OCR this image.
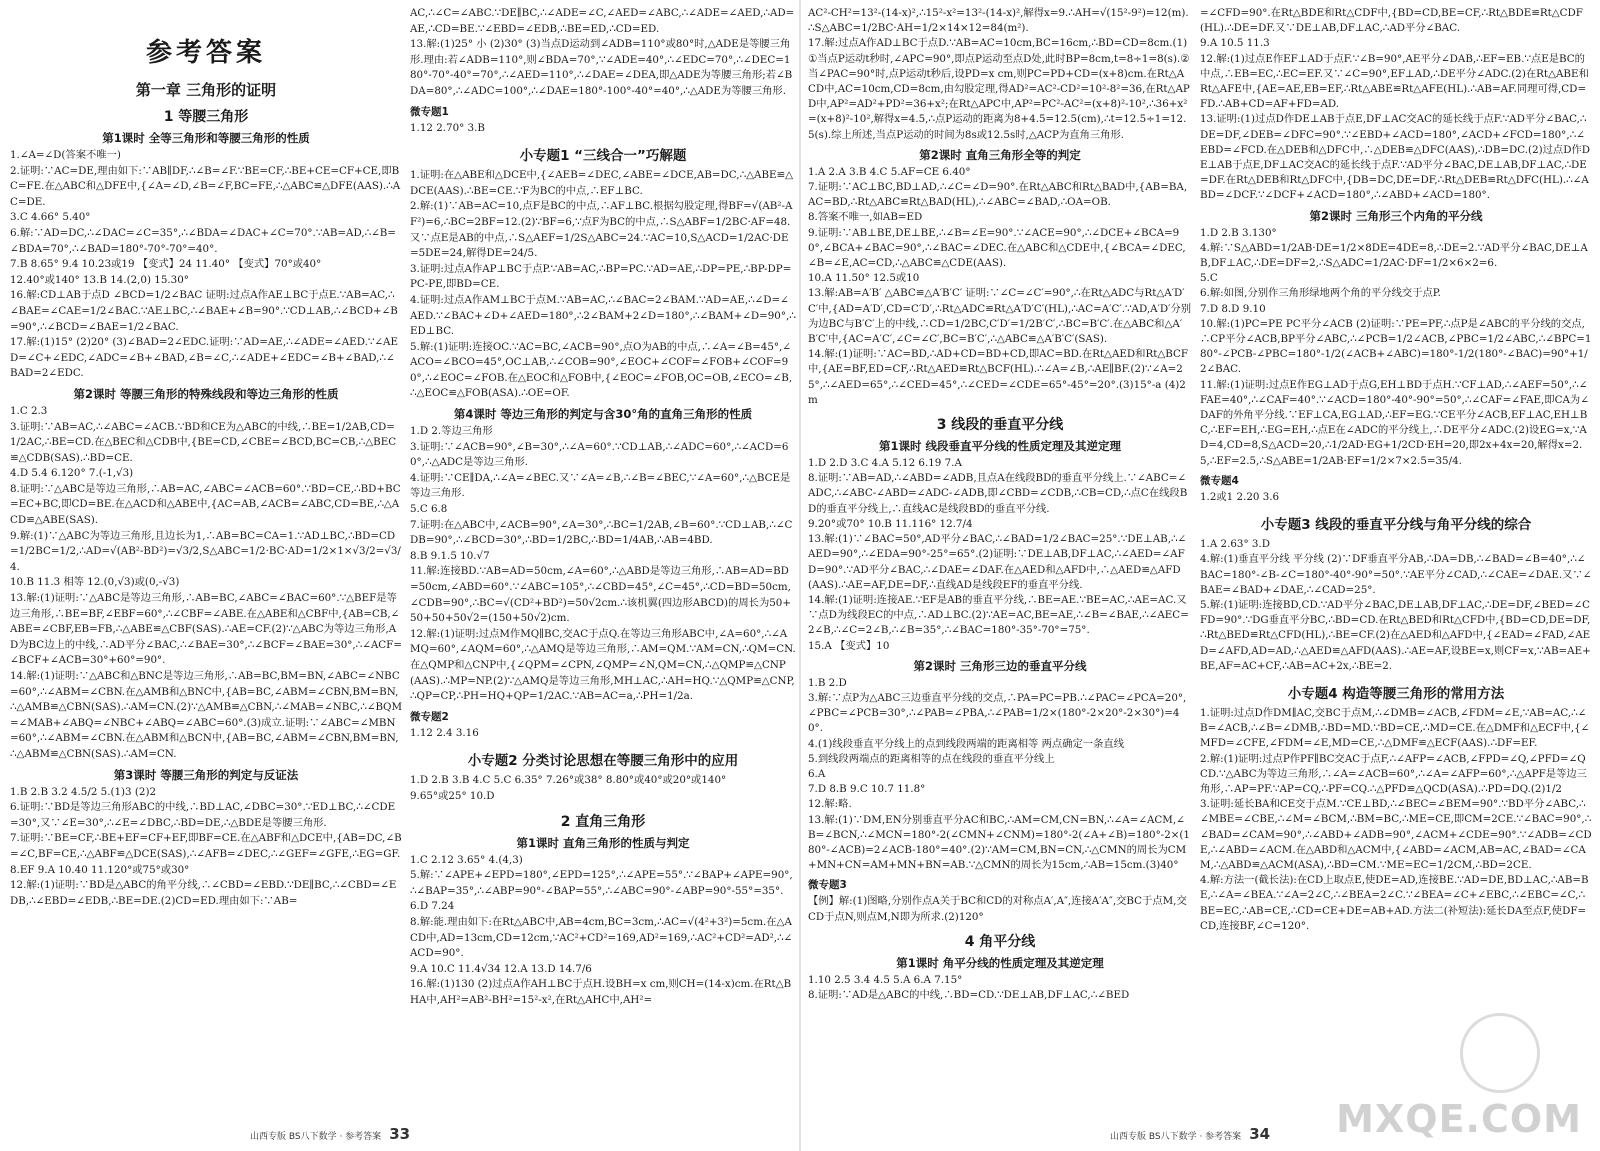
参考答案
第一章 三角形的证明
1 等腰三角形
第1课时 全等三角形和等腰三角形的性质

1.∠A=∠D(答案不唯一)

2.证明:∵AC=DE,理由如下:∵AB∥DF,∴∠B=∠F.∵BE=CF,∴BE+CE=CF+CE,即BC=FE.在△ABC和△DFE中,{∠A=∠D,∠B=∠F,BC=FE,∴△ABC≌△DFE(AAS).∴AC=DE.

3.C 4.66° 5.40°

6.解:∵AD=DC,∴∠DAC=∠C=35°,∴∠BDA=∠DAC+∠C=70°.∵AB=AD,∴∠B=∠BDA=70°,∴∠BAD=180°-70°-70°=40°.

7.B 8.65° 9.4 10.23或19 【变式】24 11.40° 【变式】70°或40°

12.40°或140° 13.B 14.(2,0) 15.30°

16.解:CD⊥AB于点D ∠BCD=1/2∠BAC 证明:过点A作AE⊥BC于点E.∵AB=AC,∴∠BAE=∠CAE=1/2∠BAC.∵AE⊥BC,∴∠BAE+∠B=90°.∵CD⊥AB,∴∠BCD+∠B=90°,∴∠BCD=∠BAE=1/2∠BAC.

17.解:(1)15° (2)20° (3)∠BAD=2∠EDC.证明:∵AD=AE,∴∠ADE=∠AED.∵∠AED=∠C+∠EDC,∠ADC=∠B+∠BAD,∠B=∠C,∴∠ADE+∠EDC=∠B+∠BAD,∴∠BAD=2∠EDC.

第2课时 等腰三角形的特殊线段和等边三角形的性质

1.C 2.3

3.证明:∵AB=AC,∴∠ABC=∠ACB.∵BD和CE为△ABC的中线,∴BE=1/2AB,CD=1/2AC,∴BE=CD.在△BEC和△CDB中,{BE=CD,∠CBE=∠BCD,BC=CB,∴△BEC≌△CDB(SAS).∴BD=CE.

4.D 5.4 6.120° 7.(-1,√3)

8.证明:∵△ABC是等边三角形,∴AB=AC,∠ABC=∠ACB=60°.∵BD=CE,∴BD+BC=EC+BC,即CD=BE.在△ACD和△ABE中,{AC=AB,∠ACB=∠ABC,CD=BE,∴△ACD≌△ABE(SAS).

9.解:(1)∵△ABC为等边三角形,且边长为1,∴AB=BC=CA=1.∵AD⊥BC,∴BD=CD=1/2BC=1/2,∴AD=√(AB²-BD²)=√3/2,S△ABC=1/2·BC·AD=1/2×1×√3/2=√3/4.

10.B 11.3 相等 12.(0,√3)或(0,-√3)

13.解:(1)证明:∵△ABC是等边三角形,∴AB=BC,∠ABC=∠BAC=60°.∵△BEF是等边三角形,∴BE=BF,∠EBF=60°,∴∠CBF=∠ABE.在△ABE和△CBF中,{AB=CB,∠ABE=∠CBF,EB=FB,∴△ABE≌△CBF(SAS).∴AE=CF.(2)∵△ABC为等边三角形,AD为BC边上的中线,∴AD平分∠BAC,∴∠BAE=30°,∴∠BCF=∠BAE=30°,∴∠ACF=∠BCF+∠ACB=30°+60°=90°.

14.解:(1)证明:∵△ABC和△BNC是等边三角形,∴AB=BC,BM=BN,∠ABC=∠NBC=60°,∴∠ABM=∠CBN.在△AMB和△BNC中,{AB=BC,∠ABM=∠CBN,BM=BN,∴△AMB≌△CBN(SAS).∴AM=CN.(2)∵△AMB≌△CBN,∴∠MAB=∠NBC,∴∠BQM=∠MAB+∠ABQ=∠NBC+∠ABQ=∠ABC=60°.(3)成立.证明:∵∠ABC=∠MBN=60°,∴∠ABM=∠CBN.在△ABM和△BCN中,{AB=BC,∠ABM=∠CBN,BM=BN,∴△ABM≌△CBN(SAS).∴AM=CN.

第3课时 等腰三角形的判定与反证法

1.B 2.B 3.2 4.5/2 5.(1)3 (2)2

6.证明:∵BD是等边三角形ABC的中线,∴BD⊥AC,∠DBC=30°.∵ED⊥BC,∴∠CDE=30°,又∵∠E=30°,∴∠E=∠DBC,∴BD=DE,∴△BDE是等腰三角形.

7.证明:∵BE=CF,∴BE+EF=CF+EF,即BF=CE.在△ABF和△DCE中,{AB=DC,∠B=∠C,BF=CE,∴△ABF≌△DCE(SAS),∴∠AFB=∠DEC,∴∠GEF=∠GFE,∴EG=GF.

8.EF 9.A 10.40 11.120°或75°或30°

12.解:(1)证明:∵BD是△ABC的角平分线,∴∠CBD=∠EBD.∵DE∥BC,∴∠CBD=∠EDB,∴∠EBD=∠EDB,∴BE=DE.(2)CD=ED.理由如下:∵AB=

AC,∴∠C=∠ABC.∵DE∥BC,∴∠ADE=∠C,∠AED=∠ABC,∴∠ADE=∠AED,∴AD=AE,∴CD=BE.∵∠EBD=∠EDB,∴BE=ED,∴CD=ED.

13.解:(1)25° 小 (2)30° (3)当点D运动到∠ADB=110°或80°时,△ADE是等腰三角形.理由:若∠ADB=110°,则∠BDA=70°,∵∠ADE=40°,∴∠EDC=70°,∴∠DEC=180°-70°-40°=70°,∴∠AED=110°,∴∠DAE=∠DEA,即△ADE为等腰三角形;若∠BDA=80°,∴∠ADC=100°,∴∠DAE=180°-100°-40°=40°,∴△ADE为等腰三角形.

微专题1

1.12 2.70° 3.B

小专题1 “三线合一”巧解题

1.证明:在△ABE和△DCE中,{∠AEB=∠DEC,∠ABE=∠DCE,AB=DC,∴△ABE≌△DCE(AAS).∴BE=CE.∵F为BC的中点,∴EF⊥BC.

2.解:(1)∵AB=AC=10,点F是BC的中点,∴AF⊥BC.根据勾股定理,得BF=√(AB²-AF²)=6,∴BC=2BF=12.(2)∵BF=6,∵点F为BC的中点,∴S△ABF=1/2BC·AF=48.又∵点E是AB的中点,∴S△AEF=1/2S△ABC=24.∵AC=10,S△ACD=1/2AC·DE=5DE=24,解得DE=24/5.

3.证明:过点A作AP⊥BC于点P.∵AB=AC,∴BP=PC.∵AD=AE,∴DP=PE,∴BP-DP=PC-PE,即BD=CE.

4.证明:过点A作AM⊥BC于点M.∵AB=AC,∴∠BAC=2∠BAM.∵AD=AE,∴∠D=∠AED.∵∠BAC+∠D+∠AED=180°,∴2∠BAM+2∠D=180°,∴∠BAM+∠D=90°,∴ED⊥BC.

5.解:(1)证明:连接OC.∵AC=BC,∠ACB=90°,点O为AB的中点,∴∠A=∠B=45°,∠ACO=∠BCO=45°,OC⊥AB,∴∠COB=90°,∠EOC+∠COF=∠FOB+∠COF=90°,∴∠EOC=∠FOB.在△EOC和△FOB中,{∠EOC=∠FOB,OC=OB,∠ECO=∠B,∴△EOC≌△FOB(ASA).∴OE=OF.

第4课时 等边三角形的判定与含30°角的直角三角形的性质

1.D 2.等边三角形

3.证明:∵∠ACB=90°,∠B=30°,∴∠A=60°.∵CD⊥AB,∴∠ADC=60°,∴∠ACD=60°,∴△ADC是等边三角形.

4.证明:∵CE∥DA,∴∠A=∠BEC.又∵∠A=∠B,∴∠B=∠BEC,∵∠A=60°,∴△BCE是等边三角形.

5.C 6.8

7.证明:在△ABC中,∠ACB=90°,∠A=30°,∴BC=1/2AB,∠B=60°.∵CD⊥AB,∴∠CDB=90°,∴∠BCD=30°,∴BD=1/2BC,∴BD=1/4AB,∴AB=4BD.

8.B 9.1.5 10.√7

11.解:连接BD.∵AB=AD=50cm,∠A=60°,∴△ABD是等边三角形,∴AB=AD=BD=50cm,∠ABD=60°.∵∠ABC=105°,∴∠CBD=45°,∠C=45°,∴CD=BD=50cm,∠CDB=90°,∴BC=√(CD²+BD²)=50√2cm.∴该机翼(四边形ABCD)的周长为50+50+50+50√2=(150+50√2)cm.

12.解:(1)证明:过点M作MQ∥BC,交AC于点Q.在等边三角形ABC中,∠A=60°,∴∠AMQ=60°,∠AQM=60°,∴△AMQ是等边三角形,∴AM=QM.∵AM=CN,∴QM=CN.在△QMP和△CNP中,{∠QPM=∠CPN,∠QMP=∠N,QM=CN,∴△QMP≌△CNP(AAS).∴MP=NP.(2)∵△AMQ是等边三角形,MH⊥AC,∴AH=HQ.∵△QMP≌△CNP,∴QP=CP,∴PH=HQ+QP=1/2AC.∵AB=AC=a,∴PH=1/2a.

微专题2

1.12 2.4 3.16

小专题2 分类讨论思想在等腰三角形中的应用

1.D 2.B 3.B 4.C 5.C 6.35° 7.26°或38° 8.80°或40°或20°或140°

9.65°或25° 10.D

2 直角三角形
第1课时 直角三角形的性质与判定

1.C 2.12 3.65° 4.(4,3)

5.解:∵∠APE+∠EPD=180°,∠EPD=125°,∴∠APE=55°.∵∠BAP+∠APE=90°,∴∠BAP=35°,∴∠ABP=90°-∠BAP=55°,∴∠ABC=90°-∠ABP=90°-55°=35°.

6.D 7.24

8.解:能.理由如下:在Rt△ABC中,AB=4cm,BC=3cm,∴AC=√(4²+3²)=5cm.在△ACD中,AD=13cm,CD=12cm,∵AC²+CD²=169,AD²=169,∴AC²+CD²=AD²,∴∠ACD=90°.

9.A 10.C 11.4√34 12.A 13.D 14.7/6

16.解:(1)130 (2)过点A作AH⊥BC于点H.设BH=x cm,则CH=(14-x)cm.在Rt△BHA中,AH²=AB²-BH²=15²-x²,在Rt△AHC中,AH²=

山西专版 BS八下数学 · 参考答案 33

AC²-CH²=13²-(14-x)²,∴15²-x²=13²-(14-x)²,解得x=9.∴AH=√(15²-9²)=12(m).∴S△ABC=1/2BC·AH=1/2×14×12=84(m²).

17.解:过点A作AD⊥BC于点D.∵AB=AC=10cm,BC=16cm,∴BD=CD=8cm.(1)①当点P运动t秒时,∠APC=90°,即点P运动至点D处,此时BP=8cm,t=8÷1=8(s).②当∠PAC=90°时,点P运动t秒后,设PD=x cm,则PC=PD+CD=(x+8)cm.在Rt△ACD中,AC=10cm,CD=8cm,由勾股定理,得AD²=AC²-CD²=10²-8²=36,在Rt△APD中,AP²=AD²+PD²=36+x²;在Rt△APC中,AP²=PC²-AC²=(x+8)²-10²,∴36+x²=(x+8)²-10²,解得x=4.5,∴点P运动的距离为8+4.5=12.5(cm),∴t=12.5÷1=12.5(s).综上所述,当点P运动的时间为8s或12.5s时,△ACP为直角三角形.

第2课时 直角三角形全等的判定

1.A 2.A 3.B 4.C 5.AF=CE 6.40°

7.证明:∵AC⊥BC,BD⊥AD,∴∠C=∠D=90°.在Rt△ABC和Rt△BAD中,{AB=BA,AC=BD,∴Rt△ABC≌Rt△BAD(HL),∴∠ABC=∠BAD,∴OA=OB.

8.答案不唯一,如AB=ED

9.证明:∵AB⊥BE,DE⊥BE,∴∠B=∠E=90°.∵∠ACE=90°,∴∠DCE+∠BCA=90°,∠BCA+∠BAC=90°,∴∠BAC=∠DEC.在△ABC和△CDE中,{∠BCA=∠DEC,∠B=∠E,AC=CD,∴△ABC≌△CDE(AAS).

10.A 11.50° 12.5或10

13.解:AB=A′B′ △ABC≌△A′B′C′ 证明:∵∠C=∠C′=90°,∴在Rt△ADC与Rt△A′D′C′中,{AD=A′D′,CD=C′D′,∴Rt△ADC≌Rt△A′D′C′(HL),∴AC=A′C′.∵AD,A′D′分别为边BC与B′C′上的中线,∴CD=1/2BC,C′D′=1/2B′C′,∴BC=B′C′.在△ABC和△A′B′C′中,{AC=A′C′,∠C=∠C′,BC=B′C′,∴△ABC≌△A′B′C′(SAS).

14.解:(1)证明:∵AC=BD,∴AD+CD=BD+CD,即AC=BD.在Rt△AED和Rt△BCF中,{AE=BF,ED=CF,∴Rt△AED≌Rt△BCF(HL).∴∠A=∠B,∴AE∥BF.(2)∵∠A=25°,∴∠AED=65°,∴∠CED=45°,∴∠CED=∠CDE=65°-45°=20°.(3)15°-a (4)2m

3 线段的垂直平分线
第1课时 线段垂直平分线的性质定理及其逆定理

1.D 2.D 3.C 4.A 5.12 6.19 7.A

8.证明:∵AB=AD,∴∠ABD=∠ADB,且点A在线段BD的垂直平分线上.∵∠ABC=∠ADC,∴∠ABC-∠ABD=∠ADC-∠ADB,即∠CBD=∠CDB,∴CB=CD,∴点C在线段BD的垂直平分线上,∴直线AC是线段BD的垂直平分线.

9.20°或70° 10.B 11.116° 12.7/4

13.解:(1)∵∠BAC=50°,AD平分∠BAC,∴∠BAD=1/2∠BAC=25°.∵DE⊥AB,∴∠AED=90°,∴∠EDA=90°-25°=65°.(2)证明:∵DE⊥AB,DF⊥AC,∴∠AED=∠AFD=90°.∵AD平分∠BAC,∴∠DAE=∠DAF.在△AED和△AFD中,∴△AED≌△AFD(AAS).∴AE=AF,DE=DF,∴直线AD是线段EF的垂直平分线.

14.解:(1)证明:连接AE.∵EF是AB的垂直平分线,∴BE=AE.∵BE=AC,∴AE=AC.又∵点D为线段EC的中点,∴AD⊥BC.(2)∵AE=AC,BE=AE,∴∠B=∠BAE,∴∠AEC=2∠B,∴∠C=2∠B,∴∠B=35°,∴∠BAC=180°-35°-70°=75°.

15.A 【变式】10

第2课时 三角形三边的垂直平分线

1.B 2.D

3.解:∵点P为△ABC三边垂直平分线的交点,∴PA=PC=PB.∴∠PAC=∠PCA=20°,∠PBC=∠PCB=30°,∴∠PAB=∠PBA,∴∠PAB=1/2×(180°-2×20°-2×30°)=40°.

4.(1)线段垂直平分线上的点到线段两端的距离相等 两点确定一条直线

5.到线段两端点的距离相等的点在线段的垂直平分线上

6.A

7.D 8.B 9.C 10.7 11.8°

12.解:略.

13.解:(1)∵DM,EN分别垂直平分AC和BC,∴AM=CM,CN=BN,∴∠A=∠ACM,∠B=∠BCN,∴∠MCN=180°-2(∠CMN+∠CNM)=180°-2(∠A+∠B)=180°-2×(180°-∠ACB)=2∠ACB-180°=40°.(2)∵AM=CM,BN=CN,∴△CMN的周长为CM+MN+CN=AM+MN+BN=AB.∵△CMN的周长为15cm,∴AB=15cm.(3)40°

微专题3

【例】解:(1)图略,分别作点A关于BC和CD的对称点A′,A″,连接A′A″,交BC于点M,交CD于点N,则点M,N即为所求.(2)120°

4 角平分线
第1课时 角平分线的性质定理及其逆定理

1.10 2.5 3.4 4.5 5.A 6.A 7.15°

8.证明:∵AD是△ABC的中线,∴BD=CD.∵DE⊥AB,DF⊥AC,∴∠BED

=∠CFD=90°.在Rt△BDE和Rt△CDF中,{BD=CD,BE=CF,∴Rt△BDE≌Rt△CDF(HL).∴DE=DF.又∵DE⊥AB,DF⊥AC,∴AD平分∠BAC.

9.A 10.5 11.3

12.解:(1)过点E作EF⊥AD于点F.∵∠B=90°,AE平分∠DAB,∴EF=EB.∵点E是BC的中点,∴EB=EC,∴EC=EF.又∵∠C=90°,EF⊥AD,∴DE平分∠ADC.(2)在Rt△ABE和Rt△AFE中,{AE=AE,EB=EF,∴Rt△ABE≌Rt△AFE(HL).∴AB=AF.同理可得,CD=FD.∴AB+CD=AF+FD=AD.

13.证明:(1)过点D作DE⊥AB于点E,DF⊥AC交AC的延长线于点F.∵AD平分∠BAC,∴DE=DF,∠DEB=∠DFC=90°.∵∠EBD+∠ACD=180°,∠ACD+∠FCD=180°,∴∠EBD=∠FCD.在△DEB和△DFC中,∴△DEB≌△DFC(AAS),∴DB=DC.(2)过点D作DE⊥AB于点E,DF⊥AC交AC的延长线于点F.∵AD平分∠BAC,DE⊥AB,DF⊥AC,∴DE=DF.在Rt△DEB和Rt△DFC中,{DB=DC,DE=DF,∴Rt△DEB≌Rt△DFC(HL).∴∠ABD=∠DCF.∵∠DCF+∠ACD=180°,∴∠ABD+∠ACD=180°.

第2课时 三角形三个内角的平分线

1.D 2.B 3.130°

4.解:∵S△ABD=1/2AB·DE=1/2×8DE=4DE=8,∴DE=2.∵AD平分∠BAC,DE⊥AB,DF⊥AC,∴DE=DF=2,∴S△ADC=1/2AC·DF=1/2×6×2=6.

5.C

6.解:如图,分别作三角形绿地两个角的平分线交于点P.

7.D 8.D 9.10

10.解:(1)PC=PE PC平分∠ACB (2)证明:∵PE=PF,∴点P是∠ABC的平分线的交点,∴CP平分∠ACB,BP平分∠ABC,∴∠PCB=1/2∠ACB,∠PBC=1/2∠ABC,∴∠BPC=180°-∠PCB-∠PBC=180°-1/2(∠ACB+∠ABC)=180°-1/2(180°-∠BAC)=90°+1/2∠BAC.

11.解:(1)证明:过点E作EG⊥AD于点G,EH⊥BD于点H.∵CF⊥AD,∴∠AEF=50°,∴∠FAE=40°,∴∠CAF=40°.∵∠ACD=180°-40°-90°=50°,∴∠CAF=∠FAE,即CA为∠DAF的外角平分线.∵EF⊥CA,EG⊥AD,∴EF=EG.∵CE平分∠ACB,EF⊥AC,EH⊥BC,∴EF=EH,∴EG=EH,∴点E在∠ADC的平分线上,∴DE平分∠ADC.(2)设EG=x,∵AD=4,CD=8,S△ACD=20,∴1/2AD·EG+1/2CD·EH=20,即2x+4x=20,解得x=2.5,∴EF=2.5,∴S△ABE=1/2AB·EF=1/2×7×2.5=35/4.

微专题4

1.2或1 2.20 3.6

小专题3 线段的垂直平分线与角平分线的综合

1.A 2.63° 3.D

4.解:(1)垂直平分线 平分线 (2)∵DF垂直平分AB,∴DA=DB,∴∠BAD=∠B=40°,∴∠BAC=180°-∠B-∠C=180°-40°-90°=50°.∵AE平分∠CAD,∴∠CAE=∠DAE.又∵∠BAE=∠BAD+∠DAE,∴∠CAD=25°.

5.解:(1)证明:连接BD,CD.∵AD平分∠BAC,DE⊥AB,DF⊥AC,∴DE=DF,∠BED=∠CFD=90°.∵DG垂直平分BC,∴BD=CD.在Rt△BED和Rt△CFD中,{BD=CD,DE=DF,∴Rt△BED≌Rt△CFD(HL),∴BE=CF.(2)在△AED和△AFD中,{∠EAD=∠FAD,∠AED=∠AFD,AD=AD,∴△AED≌△AFD(AAS).∴AE=AF,设BE=x,则CF=x,∵AB=AE+BE,AF=AC+CF,∴AB=AC+2x,∴BE=2.

小专题4 构造等腰三角形的常用方法

1.证明:过点D作DM∥AC,交BC于点M,∴∠DMB=∠ACB,∠FDM=∠E,∵AB=AC,∴∠B=∠ACB,∴∠B=∠DMB,∴BD=MD.∵BD=CE,∴MD=CE.在△DMF和△ECF中,{∠MFD=∠CFE,∠FDM=∠E,MD=CE,∴△DMF≌△ECF(AAS).∴DF=EF.

2.解:(1)证明:过点P作PF∥BC交AC于点F,∴∠AFP=∠ACB,∠FPD=∠Q,∠PFD=∠QCD.∵△ABC为等边三角形,∴∠A=∠ACB=60°,∴∠A=∠AFP=60°,∴△APF是等边三角形,∴AP=PF.∵AP=CQ,∴PF=CQ.∴△PFD≌△QCD(ASA).∴PD=DQ.(2)1/2

3.证明:延长BA和CE交于点M.∵CE⊥BD,∴∠BEC=∠BEM=90°.∵BD平分∠ABC,∴∠MBE=∠CBE,∴∠M=∠BCM,∴BM=BC,∴ME=CE,即CM=2CE.∵∠BAC=90°,∴∠BAD=∠CAM=90°,∴∠ABD+∠ADB=90°,∠ACM+∠CDE=90°.∵∠ADB=∠CDE,∴∠ABD=∠ACM.在△ABD和△ACM中,{∠ABD=∠ACM,AB=AC,∠BAD=∠CAM,∴△ABD≌△ACM(ASA),∴BD=CM.∵ME=EC=1/2CM,∴BD=2CE.

4.解:方法一(截长法):在CD上取点E,使DE=AD,连接BE.∵AD=DE,BD⊥AC,∴AB=BE,∴∠A=∠BEA.∵∠A=2∠C,∴∠BEA=2∠C.∵∠BEA=∠C+∠EBC,∴∠EBC=∠C,∴BE=EC,∴AB=CE,∴CD=CE+DE=AB+AD.方法二(补短法):延长DA至点F,使DF=CD,连接BF,∠C=120°.

山西专版 BS八下数学 · 参考答案 34 MXQE.COM
